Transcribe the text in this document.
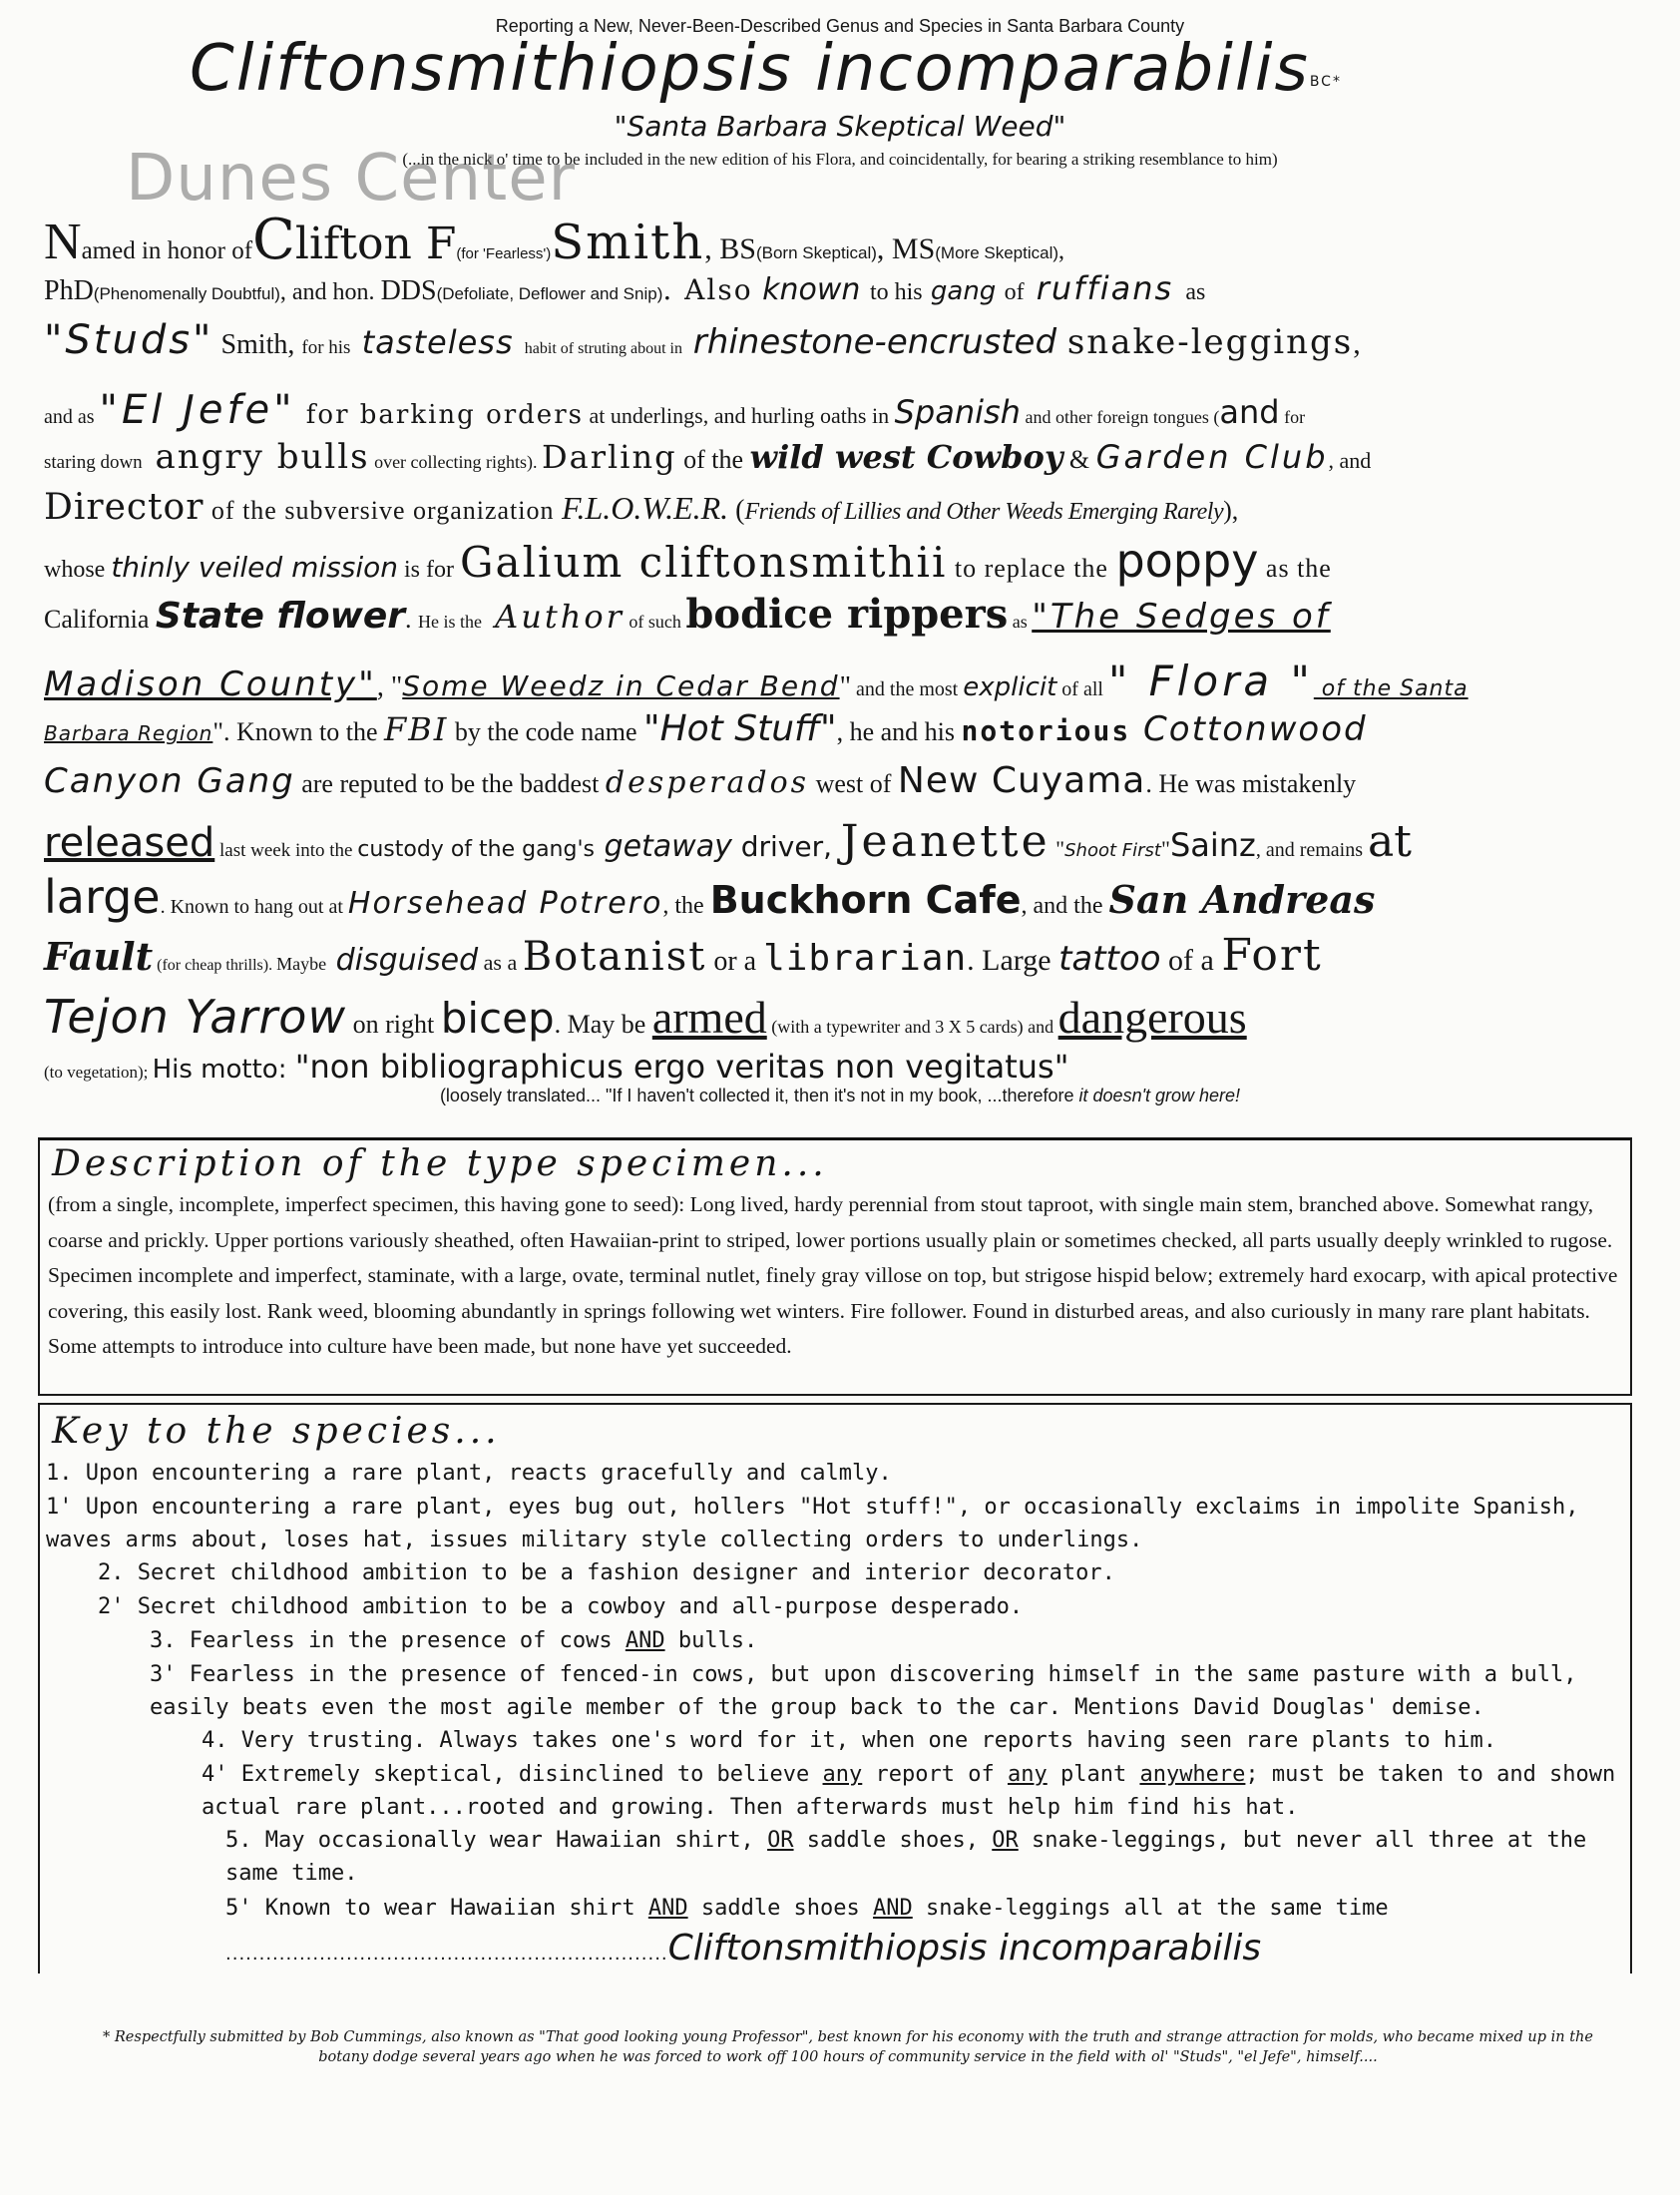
Reporting a New, Never-Been-Described Genus and Species in Santa Barbara County
Cliftonsmithiopsis incomparabilis$^{BC*}$
"Santa Barbara Skeptical Weed"
(...in the nick o' time to be included in the new edition of his Flora, and coincidentally, for bearing a striking resemblance to him)
Dunes Center
Named in honor ofClifton F(for 'Fearless')Smith, BS(Born Skeptical), MS(More Skeptical),
PhD(Phenomenally Doubtful), and hon. DDS(Defoliate, Deflower and Snip). Also known to his gang of ruffians as
"Studs" Smith, for his tasteless habit of struting about in rhinestone-encrusted snake-leggings,
and as "El Jefe" for barking orders at underlings, and hurling oaths in Spanish and other foreign tongues (and for
staring down angry bulls over collecting rights). Darling of the wild west Cowboy & Garden Club, and
Director of the subversive organization F.L.O.W.E.R. (Friends of Lillies and Other Weeds Emerging Rarely),
whose thinly veiled mission is for Galium cliftonsmithii to replace the poppy as the
California State flower. He is the Author of such bodice rippers as "The Sedges of
Madison County", "Some Weedz in Cedar Bend" and the most explicit of all " Flora " of the Santa
Barbara Region". Known to the FBI by the code name "Hot Stuff", he and his notorious Cottonwood
Canyon Gang are reputed to be the baddest desperados west of New Cuyama. He was mistakenly
released last week into the custody of the gang's getaway driver, Jeanette "Shoot First"Sainz, and remains at
large. Known to hang out at Horsehead Potrero, the Buckhorn Cafe, and the San Andreas
Fault (for cheap thrills). Maybe disguised as a Botanist or a librarian. Large tattoo of a Fort
Tejon Yarrow on right bicep. May be armed (with a typewriter and 3 X 5 cards) and dangerous
(to vegetation); His motto: "non bibliographicus ergo veritas non vegitatus"
(loosely translated... "If I haven't collected it, then it's not in my book, ...therefore it doesn't grow here!
Description of the type specimen...
(from a single, incomplete, imperfect specimen, this having gone to seed): Long lived, hardy perennial from stout taproot, with single main stem, branched above. Somewhat rangy, coarse and prickly. Upper portions variously sheathed, often Hawaiian-print to striped, lower portions usually plain or sometimes checked, all parts usually deeply wrinkled to rugose. Specimen incomplete and imperfect, staminate, with a large, ovate, terminal nutlet, finely gray villose on top, but strigose hispid below; extremely hard exocarp, with apical protective covering, this easily lost. Rank weed, blooming abundantly in springs following wet winters. Fire follower. Found in disturbed areas, and also curiously in many rare plant habitats. Some attempts to introduce into culture have been made, but none have yet succeeded.
Key to the species...
1. Upon encountering a rare plant, reacts gracefully and calmly.
1' Upon encountering a rare plant, eyes bug out, hollers "Hot stuff!", or occasionally exclaims in impolite Spanish, waves arms about, loses hat, issues military style collecting orders to underlings.
2. Secret childhood ambition to be a fashion designer and interior decorator.
2' Secret childhood ambition to be a cowboy and all-purpose desperado.
3. Fearless in the presence of cows AND bulls.
3' Fearless in the presence of fenced-in cows, but upon discovering himself in the same pasture with a bull, easily beats even the most agile member of the group back to the car. Mentions David Douglas' demise.
4. Very trusting. Always takes one's word for it, when one reports having seen rare plants to him.
4' Extremely skeptical, disinclined to believe any report of any plant anywhere; must be taken to and shown actual rare plant...rooted and growing. Then afterwards must help him find his hat.
5. May occasionally wear Hawaiian shirt, OR saddle shoes, OR snake-leggings, but never all three at the same time.
5' Known to wear Hawaiian shirt AND saddle shoes AND snake-leggings all at the same time
..................................................................Cliftonsmithiopsis incomparabilis
* Respectfully submitted by Bob Cummings, also known as "That good looking young Professor", best known for his economy with the truth and strange attraction for molds, who became mixed up in the botany dodge several years ago when he was forced to work off 100 hours of community service in the field with ol' "Studs", "el Jefe", himself....
